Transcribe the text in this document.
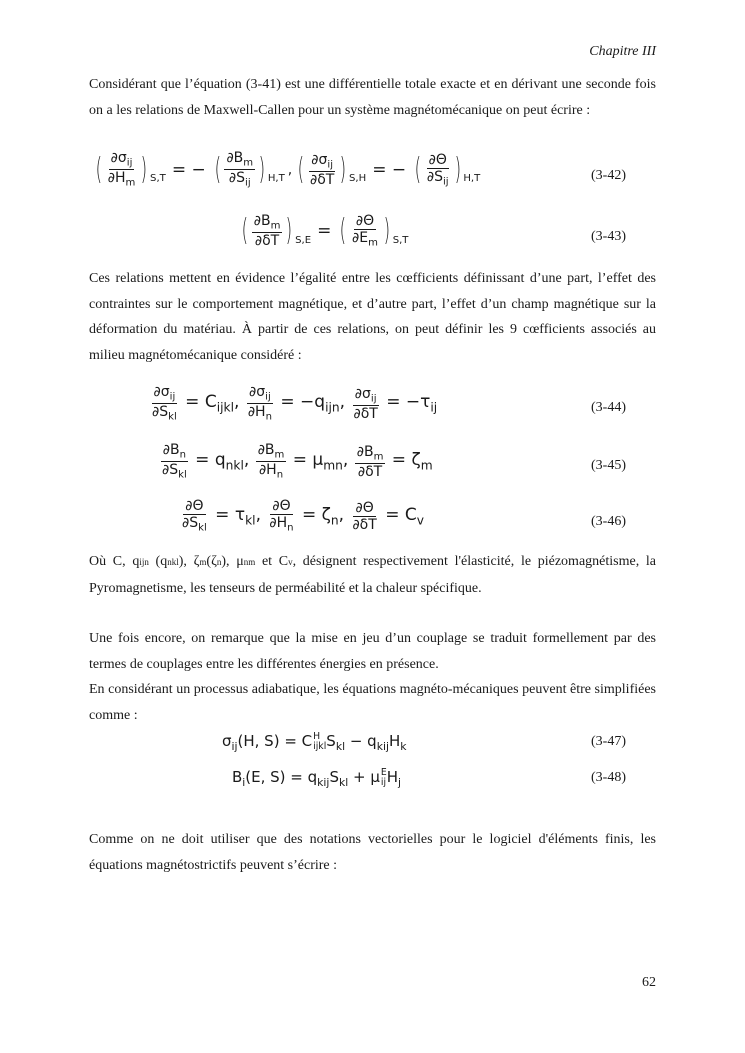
Chapitre III

Considérant que l’équation (3-41) est une différentielle totale exacte et en dérivant une seconde fois on a les relations de Maxwell-Callen pour un système magnétomécanique on peut écrire :

( $\frac{\partial\sigma_{ij}}{\partial H_m}$ ) S,T = − ( $\frac{\partial B_m}{\partial S_{ij}}$ ) H,T
, ( $\frac{\partial\sigma_{ij}}{\partial\delta T}$ ) S,H = − ( $\frac{\partial\Theta}{\partial S_{ij}}$ ) H,T	(3-42)
( $\frac{\partial B_m}{\partial\delta T}$ ) S,E = ( $\frac{\partial\Theta}{\partial E_m}$ ) S,T	(3-43)

Ces relations mettent en évidence l’égalité entre les cœfficients définissant d’une part, l’effet des contraintes sur le comportement magnétique, et d’autre part, l’effet d’un champ magnétique sur la déformation du matériau. À partir de ces relations, on peut définir les 9 cœfficients associés au milieu magnétomécanique considéré :

$\frac{\partial\sigma_{ij}}{\partial S_{kl}} = C_{ijkl}$, $\frac{\partial\sigma_{ij}}{\partial H_n} = -q_{ijn}$, $\frac{\partial\sigma_{ij}}{\partial\delta T} = -\tau_{ij}$	(3-44)
$\frac{\partial B_n}{\partial S_{kl}} = q_{nkl}$, $\frac{\partial B_m}{\partial H_n} = \mu_{mn}$, $\frac{\partial B_m}{\partial\delta T} = \zeta_m$	(3-45)
$\frac{\partial\Theta}{\partial S_{kl}} = \tau_{kl}$, $\frac{\partial\Theta}{\partial H_n} = \zeta_n$, $\frac{\partial\Theta}{\partial\delta T} = C_v$	(3-46)

Où C, qijn (qnkl), ζm(ζn), μnm et Cv, désignent respectivement l'élasticité, le piézomagnétisme, la Pyromagnetisme, les tenseurs de perméabilité et la chaleur spécifique.

Une fois encore, on remarque que la mise en jeu d’un couplage se traduit formellement par des termes de couplages entre les différentes énergies en présence.

En considérant un processus adiabatique, les équations magnéto-mécaniques peuvent être simplifiées comme :

$\sigma_{ij}(H$, S) = C H
ijkl $S_{kl} - q_{kij}H_k$	(3-47)
$B_i(E$, $S) = q_{kij}S_{kl} + \mu$ E
ij $H_j$	(3-48)

Comme on ne doit utiliser que des notations vectorielles pour le logiciel d'éléments finis, les équations magnétostrictifs peuvent s’écrire :

62
